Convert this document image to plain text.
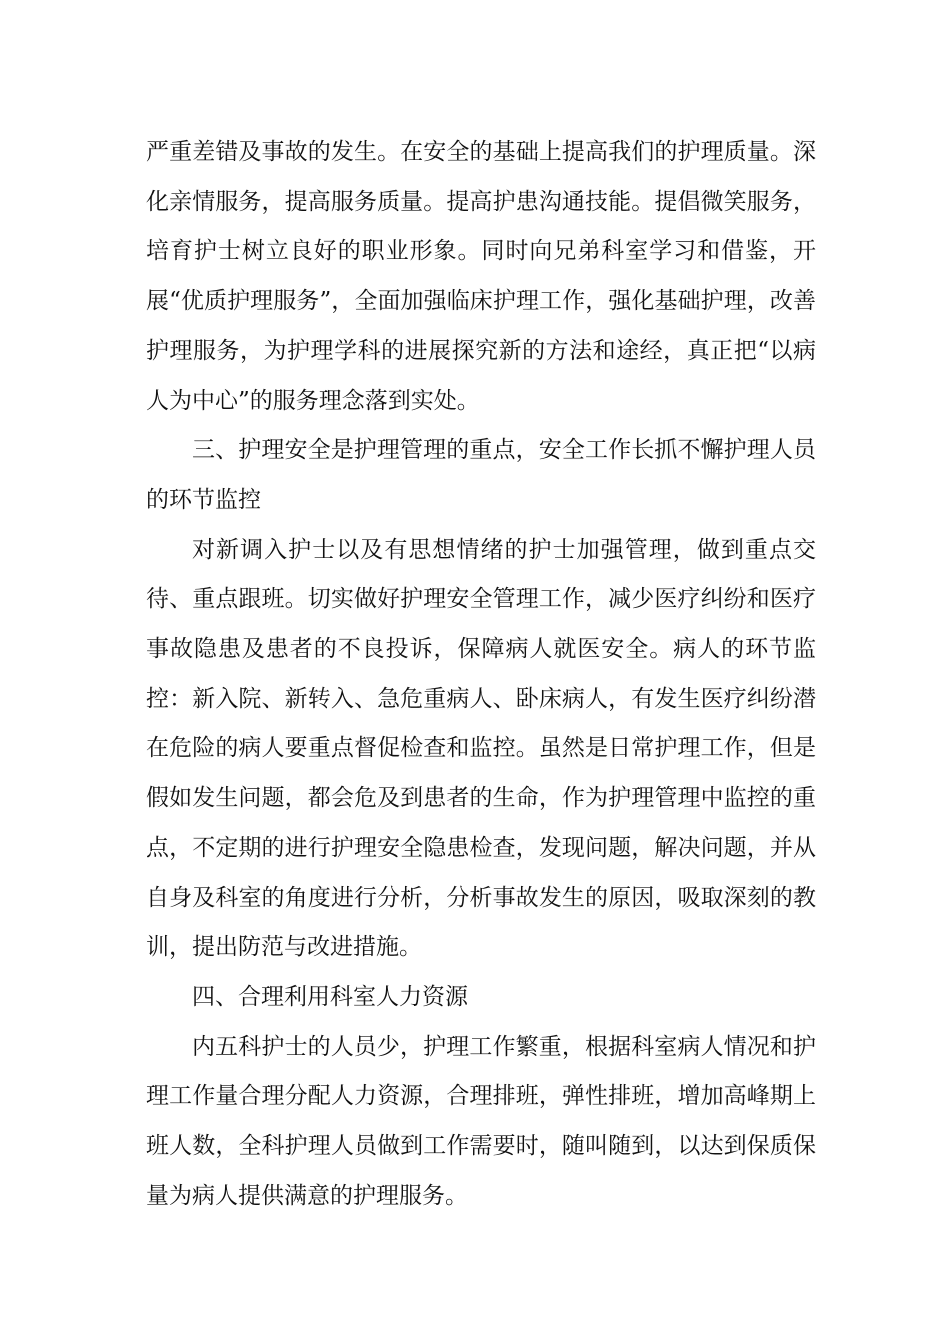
严重差错及事故的发生。在安全的基础上提高我们的护理质量。深化亲情服务，提高服务质量。提高护患沟通技能。提倡微笑服务，培育护士树立良好的职业形象。同时向兄弟科室学习和借鉴，开展“优质护理服务”，全面加强临床护理工作，强化基础护理，改善护理服务，为护理学科的进展探究新的方法和途经，真正把“以病人为中心”的服务理念落到实处。

三、护理安全是护理管理的重点，安全工作长抓不懈护理人员的环节监控

对新调入护士以及有思想情绪的护士加强管理，做到重点交待、重点跟班。切实做好护理安全管理工作，减少医疗纠纷和医疗事故隐患及患者的不良投诉，保障病人就医安全。病人的环节监控：新入院、新转入、急危重病人、卧床病人，有发生医疗纠纷潜在危险的病人要重点督促检查和监控。虽然是日常护理工作，但是假如发生问题，都会危及到患者的生命，作为护理管理中监控的重点，不定期的进行护理安全隐患检查，发现问题，解决问题，并从自身及科室的角度进行分析，分析事故发生的原因，吸取深刻的教训，提出防范与改进措施。

四、合理利用科室人力资源

内五科护士的人员少，护理工作繁重，根据科室病人情况和护理工作量合理分配人力资源，合理排班，弹性排班，增加高峰期上班人数，全科护理人员做到工作需要时，随叫随到，以达到保质保量为病人提供满意的护理服务。
